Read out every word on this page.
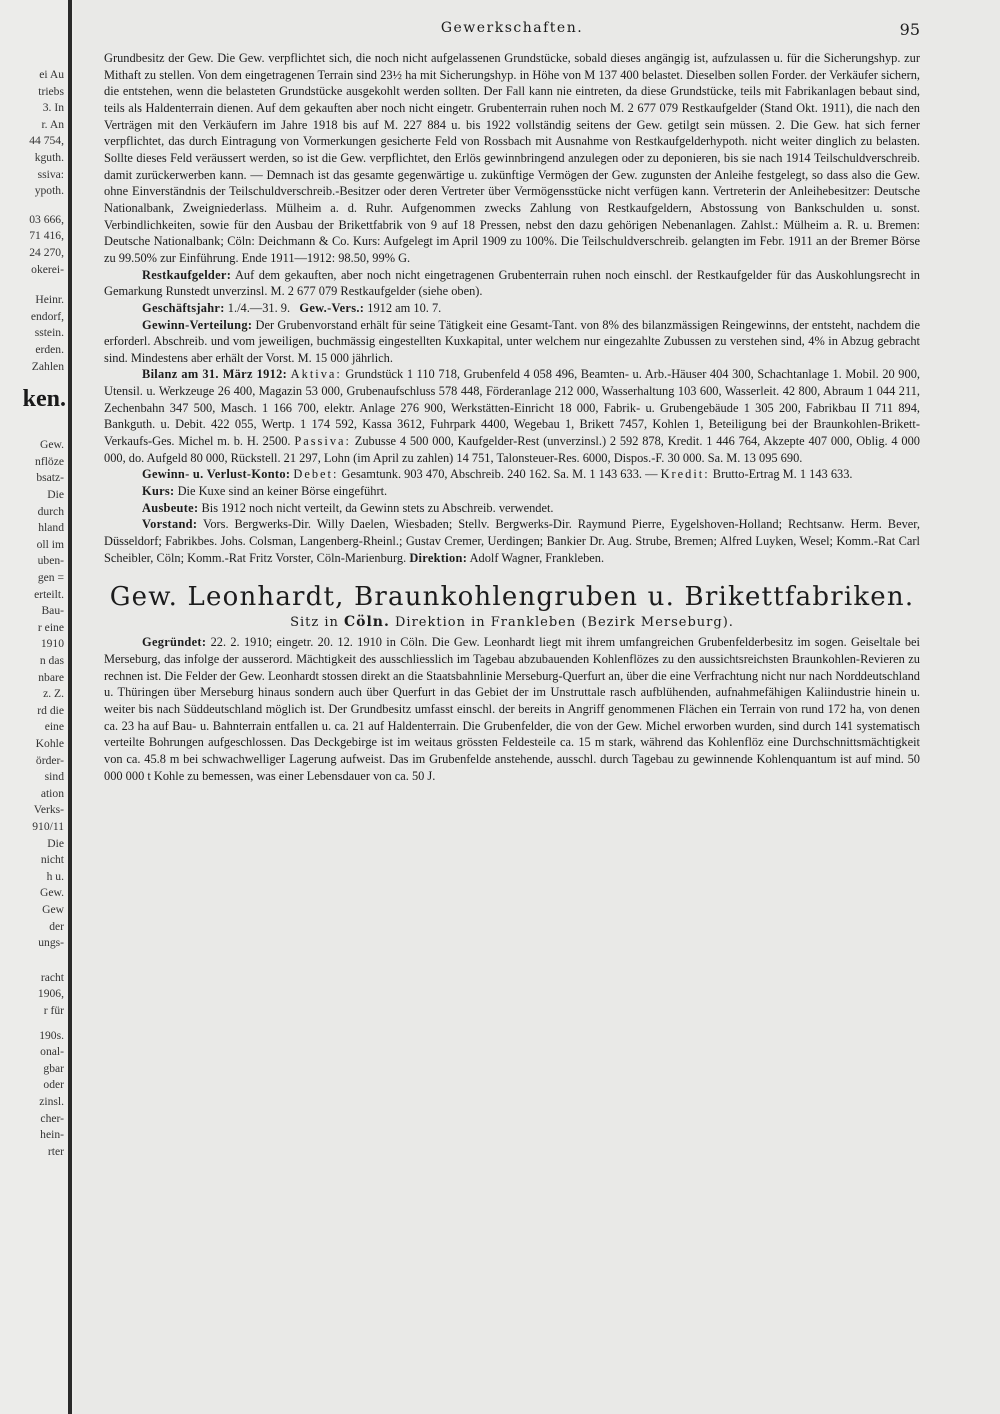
ei Au
triebs
3. In
r. An
44 754,
kguth.
ssiva:
ypoth.
03 666,
71 416,
24 270,
okerei-
Heinr.
endorf,
sstein.
erden.
Zahlen
ken.
Gew.
nflöze
bsatz-
Die
durch
hland
oll im
uben-
gen =
erteilt.
Bau-
r eine
1910
n das
nbare
z. Z.
rd die
eine
Kohle
örder-
sind
ation
Verks-
910/11
Die
nicht
h u.
Gew.
Gew
der
ungs-
racht
1906,
r für
190s.
onal-
gbar
oder
zinsl.
cher-
hein-
rter
Gewerkschaften.	95

Grundbesitz der Gew. Die Gew. verpflichtet sich, die noch nicht aufgelassenen Grundstücke, sobald dieses angängig ist, aufzulassen u. für die Sicherungshyp. zur Mithaft zu stellen. Von dem eingetragenen Terrain sind 23½ ha mit Sicherungshyp. in Höhe von M 137 400 belastet. Dieselben sollen Forder. der Verkäufer sichern, die entstehen, wenn die belasteten Grundstücke ausgekohlt werden sollten. Der Fall kann nie eintreten, da diese Grundstücke, teils mit Fabrikanlagen bebaut sind, teils als Haldenterrain dienen. Auf dem gekauften aber noch nicht eingetr. Grubenterrain ruhen noch M. 2 677 079 Restkaufgelder (Stand Okt. 1911), die nach den Verträgen mit den Verkäufern im Jahre 1918 bis auf M. 227 884 u. bis 1922 vollständig seitens der Gew. getilgt sein müssen. 2. Die Gew. hat sich ferner verpflichtet, das durch Eintragung von Vormerkungen gesicherte Feld von Rossbach mit Ausnahme von Restkaufgelderhypoth. nicht weiter dinglich zu belasten. Sollte dieses Feld veräussert werden, so ist die Gew. verpflichtet, den Erlös gewinnbringend anzulegen oder zu deponieren, bis sie nach 1914 Teilschuldverschreib. damit zurückerwerben kann. — Demnach ist das gesamte gegenwärtige u. zukünftige Vermögen der Gew. zugunsten der Anleihe festgelegt, so dass also die Gew. ohne Einverständnis der Teilschuldverschreib.-Besitzer oder deren Vertreter über Vermögensstücke nicht verfügen kann. Vertreterin der Anleihebesitzer: Deutsche Nationalbank, Zweigniederlass. Mülheim a. d. Ruhr. Aufgenommen zwecks Zahlung von Restkaufgeldern, Abstossung von Bankschulden u. sonst. Verbindlichkeiten, sowie für den Ausbau der Brikettfabrik von 9 auf 18 Pressen, nebst den dazu gehörigen Nebenanlagen. Zahlst.: Mülheim a. R. u. Bremen: Deutsche Nationalbank; Cöln: Deichmann & Co. Kurs: Aufgelegt im April 1909 zu 100%. Die Teilschuldverschreib. gelangten im Febr. 1911 an der Bremer Börse zu 99.50% zur Einführung. Ende 1911—1912: 98.50, 99% G.

Restkaufgelder: Auf dem gekauften, aber noch nicht eingetragenen Grubenterrain ruhen noch einschl. der Restkaufgelder für das Auskohlungsrecht in Gemarkung Runstedt unverzinsl. M. 2 677 079 Restkaufgelder (siehe oben).

Geschäftsjahr: 1./4.—31. 9. Gew.-Vers.: 1912 am 10. 7.

Gewinn-Verteilung: Der Grubenvorstand erhält für seine Tätigkeit eine Gesamt-Tant. von 8% des bilanzmässigen Reingewinns, der entsteht, nachdem die erforderl. Abschreib. und vom jeweiligen, buchmässig eingestellten Kuxkapital, unter welchem nur eingezahlte Zubussen zu verstehen sind, 4% in Abzug gebracht sind. Mindestens aber erhält der Vorst. M. 15 000 jährlich.

Bilanz am 31. März 1912: Aktiva: Grundstück 1 110 718, Grubenfeld 4 058 496, Beamten- u. Arb.-Häuser 404 300, Schachtanlage 1. Mobil. 20 900, Utensil. u. Werkzeuge 26 400, Magazin 53 000, Grubenaufschluss 578 448, Förderanlage 212 000, Wasserhaltung 103 600, Wasserleit. 42 800, Abraum 1 044 211, Zechenbahn 347 500, Masch. 1 166 700, elektr. Anlage 276 900, Werkstätten-Einricht 18 000, Fabrik- u. Grubengebäude 1 305 200, Fabrikbau II 711 894, Bankguth. u. Debit. 422 055, Wertp. 1 174 592, Kassa 3612, Fuhrpark 4400, Wegebau 1, Brikett 7457, Kohlen 1, Beteiligung bei der Braunkohlen-Brikett-Verkaufs-Ges. Michel m. b. H. 2500. Passiva: Zubusse 4 500 000, Kaufgelder-Rest (unverzinsl.) 2 592 878, Kredit. 1 446 764, Akzepte 407 000, Oblig. 4 000 000, do. Aufgeld 80 000, Rückstell. 21 297, Lohn (im April zu zahlen) 14 751, Talonsteuer-Res. 6000, Dispos.-F. 30 000. Sa. M. 13 095 690.

Gewinn- u. Verlust-Konto: Debet: Gesamtunk. 903 470, Abschreib. 240 162. Sa. M. 1 143 633. — Kredit: Brutto-Ertrag M. 1 143 633.

Kurs: Die Kuxe sind an keiner Börse eingeführt.

Ausbeute: Bis 1912 noch nicht verteilt, da Gewinn stets zu Abschreib. verwendet.

Vorstand: Vors. Bergwerks-Dir. Willy Daelen, Wiesbaden; Stellv. Bergwerks-Dir. Raymund Pierre, Eygelshoven-Holland; Rechtsanw. Herm. Bever, Düsseldorf; Fabrikbes. Johs. Colsman, Langenberg-Rheinl.; Gustav Cremer, Uerdingen; Bankier Dr. Aug. Strube, Bremen; Alfred Luyken, Wesel; Komm.-Rat Carl Scheibler, Cöln; Komm.-Rat Fritz Vorster, Cöln-Marienburg. Direktion: Adolf Wagner, Frankleben.

Gew. Leonhardt, Braunkohlengruben u. Brikettfabriken.
Sitz in Cöln. Direktion in Frankleben (Bezirk Merseburg).

Gegründet: 22. 2. 1910; eingetr. 20. 12. 1910 in Cöln. Die Gew. Leonhardt liegt mit ihrem umfangreichen Grubenfelderbesitz im sogen. Geiseltale bei Merseburg, das infolge der ausserord. Mächtigkeit des ausschliesslich im Tagebau abzubauenden Kohlenflözes zu den aussichtsreichsten Braunkohlen-Revieren zu rechnen ist. Die Felder der Gew. Leonhardt stossen direkt an die Staatsbahnlinie Merseburg-Querfurt an, über die eine Verfrachtung nicht nur nach Norddeutschland u. Thüringen über Merseburg hinaus sondern auch über Querfurt in das Gebiet der im Unstruttale rasch aufblühenden, aufnahmefähigen Kaliindustrie hinein u. weiter bis nach Süddeutschland möglich ist. Der Grundbesitz umfasst einschl. der bereits in Angriff genommenen Flächen ein Terrain von rund 172 ha, von denen ca. 23 ha auf Bau- u. Bahnterrain entfallen u. ca. 21 auf Haldenterrain. Die Grubenfelder, die von der Gew. Michel erworben wurden, sind durch 141 systematisch verteilte Bohrungen aufgeschlossen. Das Deckgebirge ist im weitaus grössten Feldesteile ca. 15 m stark, während das Kohlenflöz eine Durchschnittsmächtigkeit von ca. 45.8 m bei schwachwelliger Lagerung aufweist. Das im Grubenfelde anstehende, ausschl. durch Tagebau zu gewinnende Kohlenquantum ist auf mind. 50 000 000 t Kohle zu bemessen, was einer Lebensdauer von ca. 50 J.
